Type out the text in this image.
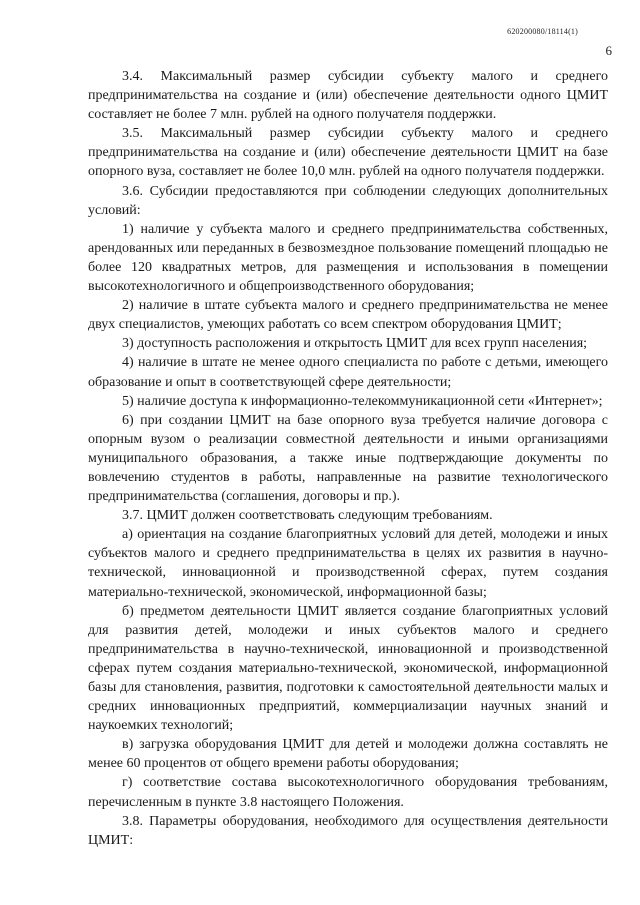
620200080/18114(1)
6

3.4. Максимальный размер субсидии субъекту малого и среднего предпринимательства на создание и (или) обеспечение деятельности одного ЦМИТ составляет не более 7 млн. рублей на одного получателя поддержки.

3.5. Максимальный размер субсидии субъекту малого и среднего предпринимательства на создание и (или) обеспечение деятельности ЦМИТ на базе опорного вуза, составляет не более 10,0 млн. рублей на одного получателя поддержки.

3.6. Субсидии предоставляются при соблюдении следующих дополнительных условий:

1) наличие у субъекта малого и среднего предпринимательства собственных, арендованных или переданных в безвозмездное пользование помещений площадью не более 120 квадратных метров, для размещения и использования в помещении высокотехнологичного и общепроизводственного оборудования;

2) наличие в штате субъекта малого и среднего предпринимательства не менее двух специалистов, умеющих работать со всем спектром оборудования ЦМИТ;

3) доступность расположения и открытость ЦМИТ для всех групп населения;

4) наличие в штате не менее одного специалиста по работе с детьми, имеющего образование и опыт в соответствующей сфере деятельности;

5) наличие доступа к информационно-телекоммуникационной сети «Интернет»;

6) при создании ЦМИТ на базе опорного вуза требуется наличие договора с опорным вузом о реализации совместной деятельности и иными организациями муниципального образования, а также иные подтверждающие документы по вовлечению студентов в работы, направленные на развитие технологического предпринимательства (соглашения, договоры и пр.).

3.7. ЦМИТ должен соответствовать следующим требованиям.

а) ориентация на создание благоприятных условий для детей, молодежи и иных субъектов малого и среднего предпринимательства в целях их развития в научно-технической, инновационной и производственной сферах, путем создания материально-технической, экономической, информационной базы;

б) предметом деятельности ЦМИТ является создание благоприятных условий для развития детей, молодежи и иных субъектов малого и среднего предпринимательства в научно-технической, инновационной и производственной сферах путем создания материально-технической, экономической, информационной базы для становления, развития, подготовки к самостоятельной деятельности малых и средних инновационных предприятий, коммерциализации научных знаний и наукоемких технологий;

в) загрузка оборудования ЦМИТ для детей и молодежи должна составлять не менее 60 процентов от общего времени работы оборудования;

г) соответствие состава высокотехнологичного оборудования требованиям, перечисленным в пункте 3.8 настоящего Положения.

3.8. Параметры оборудования, необходимого для осуществления деятельности ЦМИТ:
